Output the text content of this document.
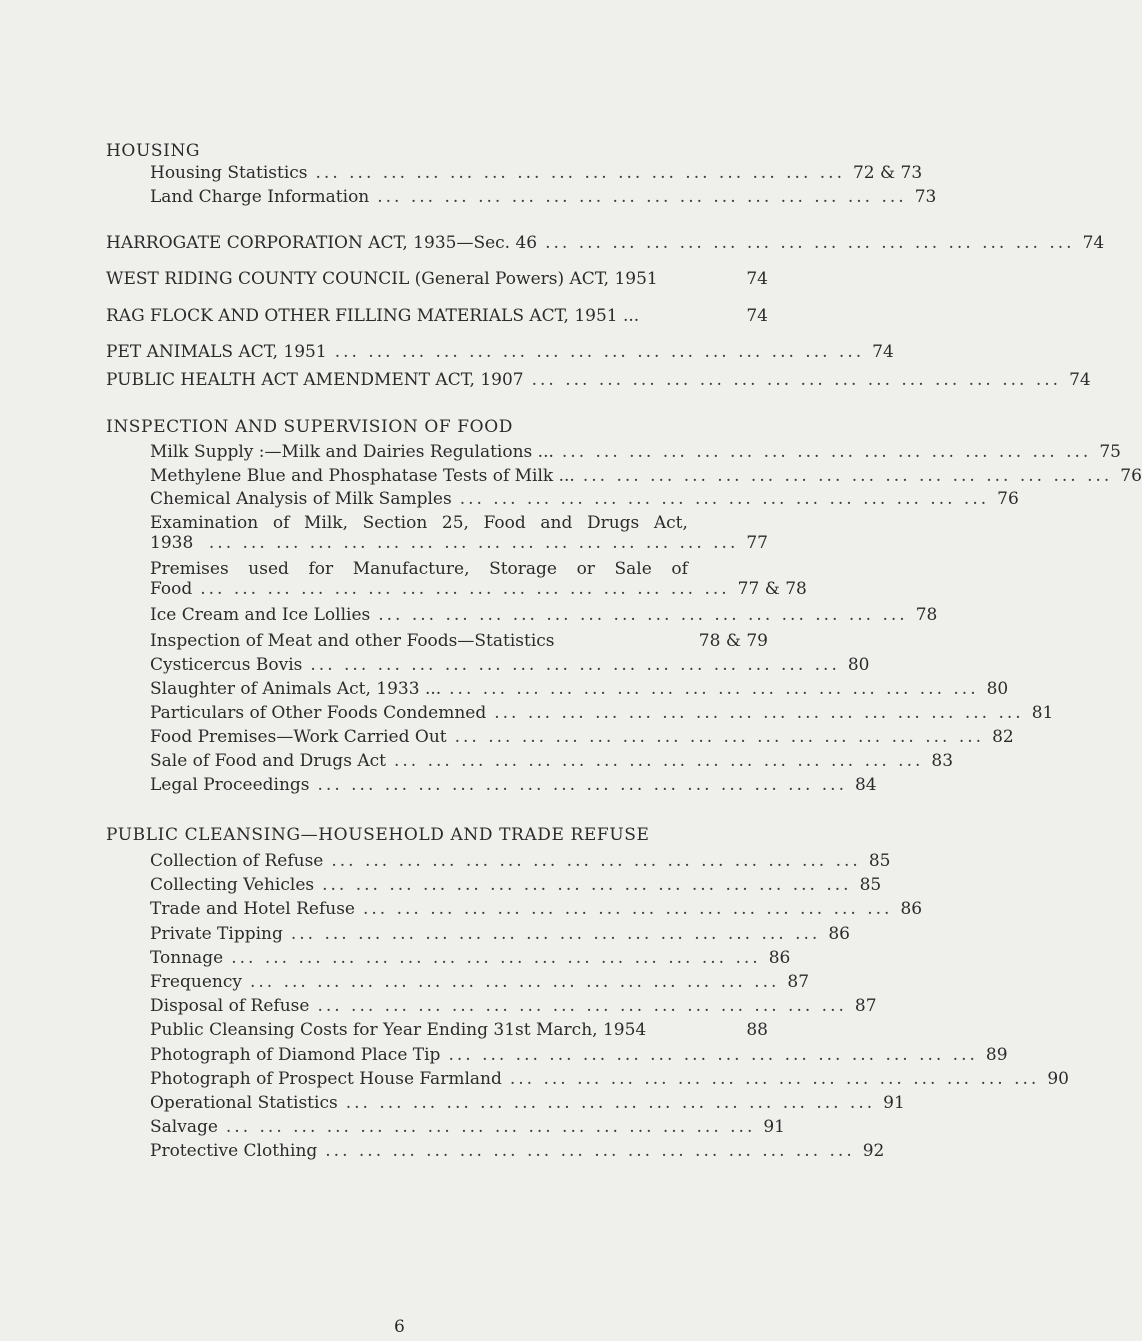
HOUSING
Housing Statistics ... ... ... ... ... ... ... ... ... ... ... ... ... ... ... ... 72 & 73
Land Charge Information ... ... ... ... ... ... ... ... ... ... ... ... ... ... ... ... 73
HARROGATE CORPORATION ACT, 1935—Sec. 46 ... ... ... ... ... ... ... ... ... ... ... ... ... ... ... ... 74
WEST RIDING COUNTY COUNCIL (General Powers) ACT, 1951	74
RAG FLOCK AND OTHER FILLING MATERIALS ACT, 1951 ...	74
PET ANIMALS ACT, 1951 ... ... ... ... ... ... ... ... ... ... ... ... ... ... ... ... 74
PUBLIC HEALTH ACT AMENDMENT ACT, 1907 ... ... ... ... ... ... ... ... ... ... ... ... ... ... ... ... 74
INSPECTION AND SUPERVISION OF FOOD
Milk Supply :—Milk and Dairies Regulations ... ... ... ... ... ... ... ... ... ... ... ... ... ... ... ... ... 75
Methylene Blue and Phosphatase Tests of Milk ... ... ... ... ... ... ... ... ... ... ... ... ... ... ... ... ... 76
Chemical Analysis of Milk Samples ... ... ... ... ... ... ... ... ... ... ... ... ... ... ... ... 76
Examination of Milk, Section 25, Food and Drugs Act,
1938 ... ... ... ... ... ... ... ... ... ... ... ... ... ... ... ... 77
Premises used for Manufacture, Storage or Sale of
Food ... ... ... ... ... ... ... ... ... ... ... ... ... ... ... ... 77 & 78
Ice Cream and Ice Lollies ... ... ... ... ... ... ... ... ... ... ... ... ... ... ... ... 78
Inspection of Meat and other Foods—Statistics	78 & 79
Cysticercus Bovis ... ... ... ... ... ... ... ... ... ... ... ... ... ... ... ... 80
Slaughter of Animals Act, 1933 ... ... ... ... ... ... ... ... ... ... ... ... ... ... ... ... ... 80
Particulars of Other Foods Condemned ... ... ... ... ... ... ... ... ... ... ... ... ... ... ... ... 81
Food Premises—Work Carried Out ... ... ... ... ... ... ... ... ... ... ... ... ... ... ... ... 82
Sale of Food and Drugs Act ... ... ... ... ... ... ... ... ... ... ... ... ... ... ... ... 83
Legal Proceedings ... ... ... ... ... ... ... ... ... ... ... ... ... ... ... ... 84
PUBLIC CLEANSING—HOUSEHOLD AND TRADE REFUSE
Collection of Refuse ... ... ... ... ... ... ... ... ... ... ... ... ... ... ... ... 85
Collecting Vehicles ... ... ... ... ... ... ... ... ... ... ... ... ... ... ... ... 85
Trade and Hotel Refuse ... ... ... ... ... ... ... ... ... ... ... ... ... ... ... ... 86
Private Tipping ... ... ... ... ... ... ... ... ... ... ... ... ... ... ... ... 86
Tonnage ... ... ... ... ... ... ... ... ... ... ... ... ... ... ... ... 86
Frequency ... ... ... ... ... ... ... ... ... ... ... ... ... ... ... ... 87
Disposal of Refuse ... ... ... ... ... ... ... ... ... ... ... ... ... ... ... ... 87
Public Cleansing Costs for Year Ending 31st March, 1954	88
Photograph of Diamond Place Tip ... ... ... ... ... ... ... ... ... ... ... ... ... ... ... ... 89
Photograph of Prospect House Farmland ... ... ... ... ... ... ... ... ... ... ... ... ... ... ... ... 90
Operational Statistics ... ... ... ... ... ... ... ... ... ... ... ... ... ... ... ... 91
Salvage ... ... ... ... ... ... ... ... ... ... ... ... ... ... ... ... 91
Protective Clothing ... ... ... ... ... ... ... ... ... ... ... ... ... ... ... ... 92
6
